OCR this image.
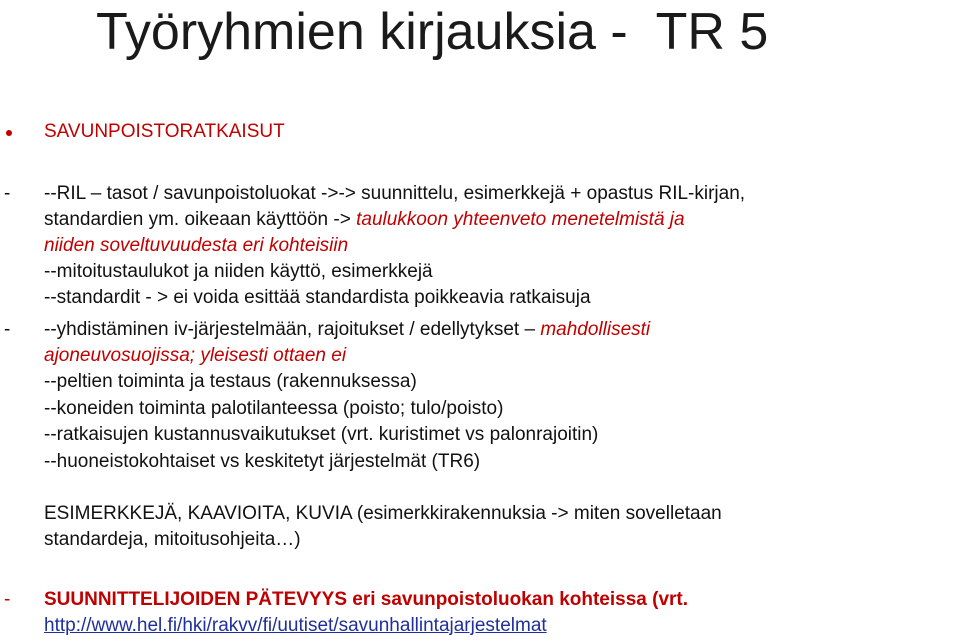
Työryhmien kirjauksia -  TR 5
SAVUNPOISTORATKAISUT
- --RIL – tasot / savunpoistoluokat ->-> suunnittelu, esimerkkejä + opastus RIL-kirjan,
standardien ym. oikeaan käyttöön -> taulukkoon yhteenveto menetelmistä ja
niiden soveltuvuudesta eri kohteisiin
--mitoitustaulukot ja niiden käyttö, esimerkkejä
--standardit - > ei voida esittää standardista poikkeavia ratkaisuja
- --yhdistäminen iv-järjestelmään, rajoitukset / edellytykset – mahdollisesti
ajoneuvosuojissa; yleisesti ottaen ei
--peltien toiminta ja testaus (rakennuksessa)
--koneiden toiminta palotilanteessa (poisto; tulo/poisto)
--ratkaisujen kustannusvaikutukset (vrt. kuristimet vs palonrajoitin)
--huoneistokohtaiset vs keskitetyt järjestelmät (TR6)
ESIMERKKEJÄ, KAAVIOITA, KUVIA (esimerkkirakennuksia -> miten sovelletaan
standardeja, mitoitusohjeita…)
- SUUNNITTELIJOIDEN PÄTEVYYS eri savunpoistoluokan kohteissa (vrt.
http://www.hel.fi/hki/rakvv/fi/uutiset/savunhallintajarjestelmat
